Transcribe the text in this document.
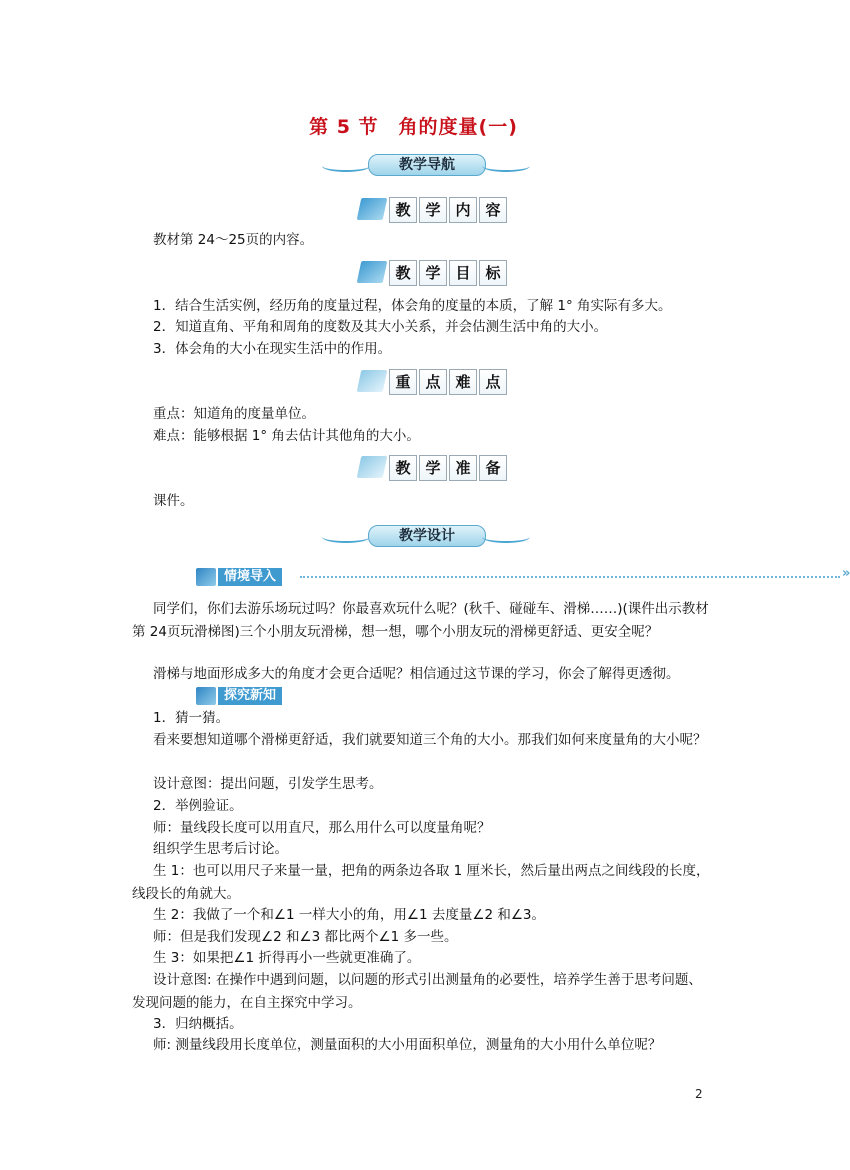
第 5 节　角的度量(一)
教学导航
教 学 内 容
教材第 24～25页的内容。
教 学 目 标
1．结合生活实例，经历角的度量过程，体会角的度量的本质，了解 1° 角实际有多大。
2．知道直角、平角和周角的度数及其大小关系，并会估测生活中角的大小。
3．体会角的大小在现实生活中的作用。
重 点 难 点
重点：知道角的度量单位。
难点：能够根据 1° 角去估计其他角的大小。
教 学 准 备
课件。
教学设计
情境导入	»
同学们，你们去游乐场玩过吗？你最喜欢玩什么呢？(秋千、碰碰车、滑梯……)(课件出示教材第 24页玩滑梯图)三个小朋友玩滑梯，想一想，哪个小朋友玩的滑梯更舒适、更安全呢？
滑梯与地面形成多大的角度才会更合适呢？相信通过这节课的学习，你会了解得更透彻。
探究新知
1．猜一猜。
看来要想知道哪个滑梯更舒适，我们就要知道三个角的大小。那我们如何来度量角的大小呢？
设计意图：提出问题，引发学生思考。
2．举例验证。
师：量线段长度可以用直尺，那么用什么可以度量角呢？
组织学生思考后讨论。
生 1：也可以用尺子来量一量，把角的两条边各取 1 厘米长，然后量出两点之间线段的长度，线段长的角就大。
生 2：我做了一个和∠1 一样大小的角，用∠1 去度量∠2 和∠3。
师：但是我们发现∠2 和∠3 都比两个∠1 多一些。
生 3：如果把∠1 折得再小一些就更准确了。
设计意图: 在操作中遇到问题，以问题的形式引出测量角的必要性，培养学生善于思考问题、发现问题的能力，在自主探究中学习。
3．归纳概括。
师: 测量线段用长度单位，测量面积的大小用面积单位，测量角的大小用什么单位呢？
2
